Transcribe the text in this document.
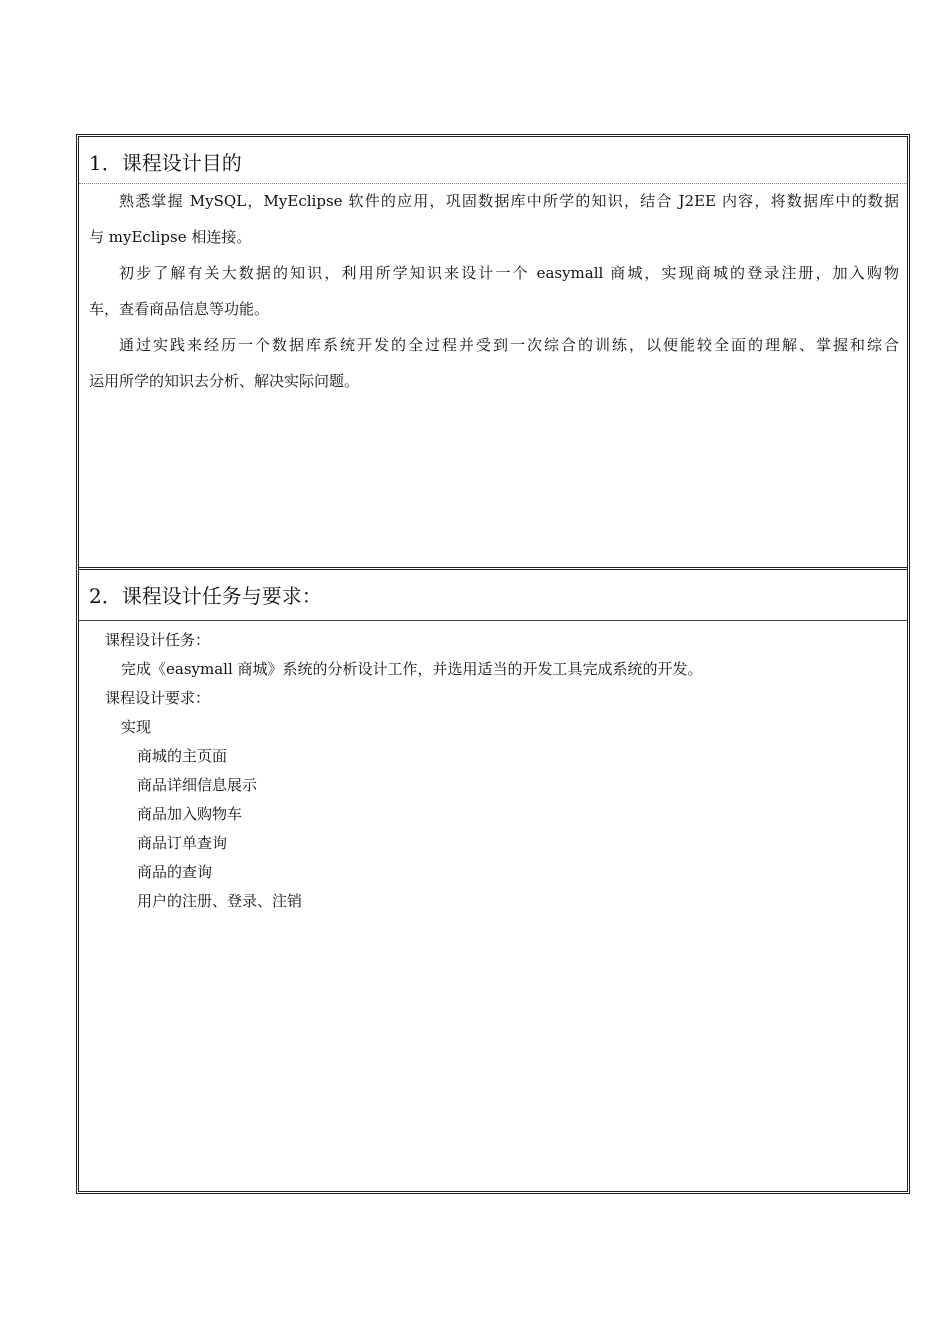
1．课程设计目的

熟悉掌握 MySQL，MyEclipse 软件的应用，巩固数据库中所学的知识，结合 J2EE 内容，将数据库中的数据
与 myEclipse 相连接。

初步了解有关大数据的知识，利用所学知识来设计一个 easymall 商城，实现商城的登录注册，加入购物
车，查看商品信息等功能。

通过实践来经历一个数据库系统开发的全过程并受到一次综合的训练，以便能较全面的理解、掌握和综合
运用所学的知识去分析、解决实际问题。

2．课程设计任务与要求：
课程设计任务：
完成《easymall 商城》系统的分析设计工作，并选用适当的开发工具完成系统的开发。
课程设计要求：
实现
商城的主页面
商品详细信息展示
商品加入购物车
商品订单查询
商品的查询
用户的注册、登录、注销
